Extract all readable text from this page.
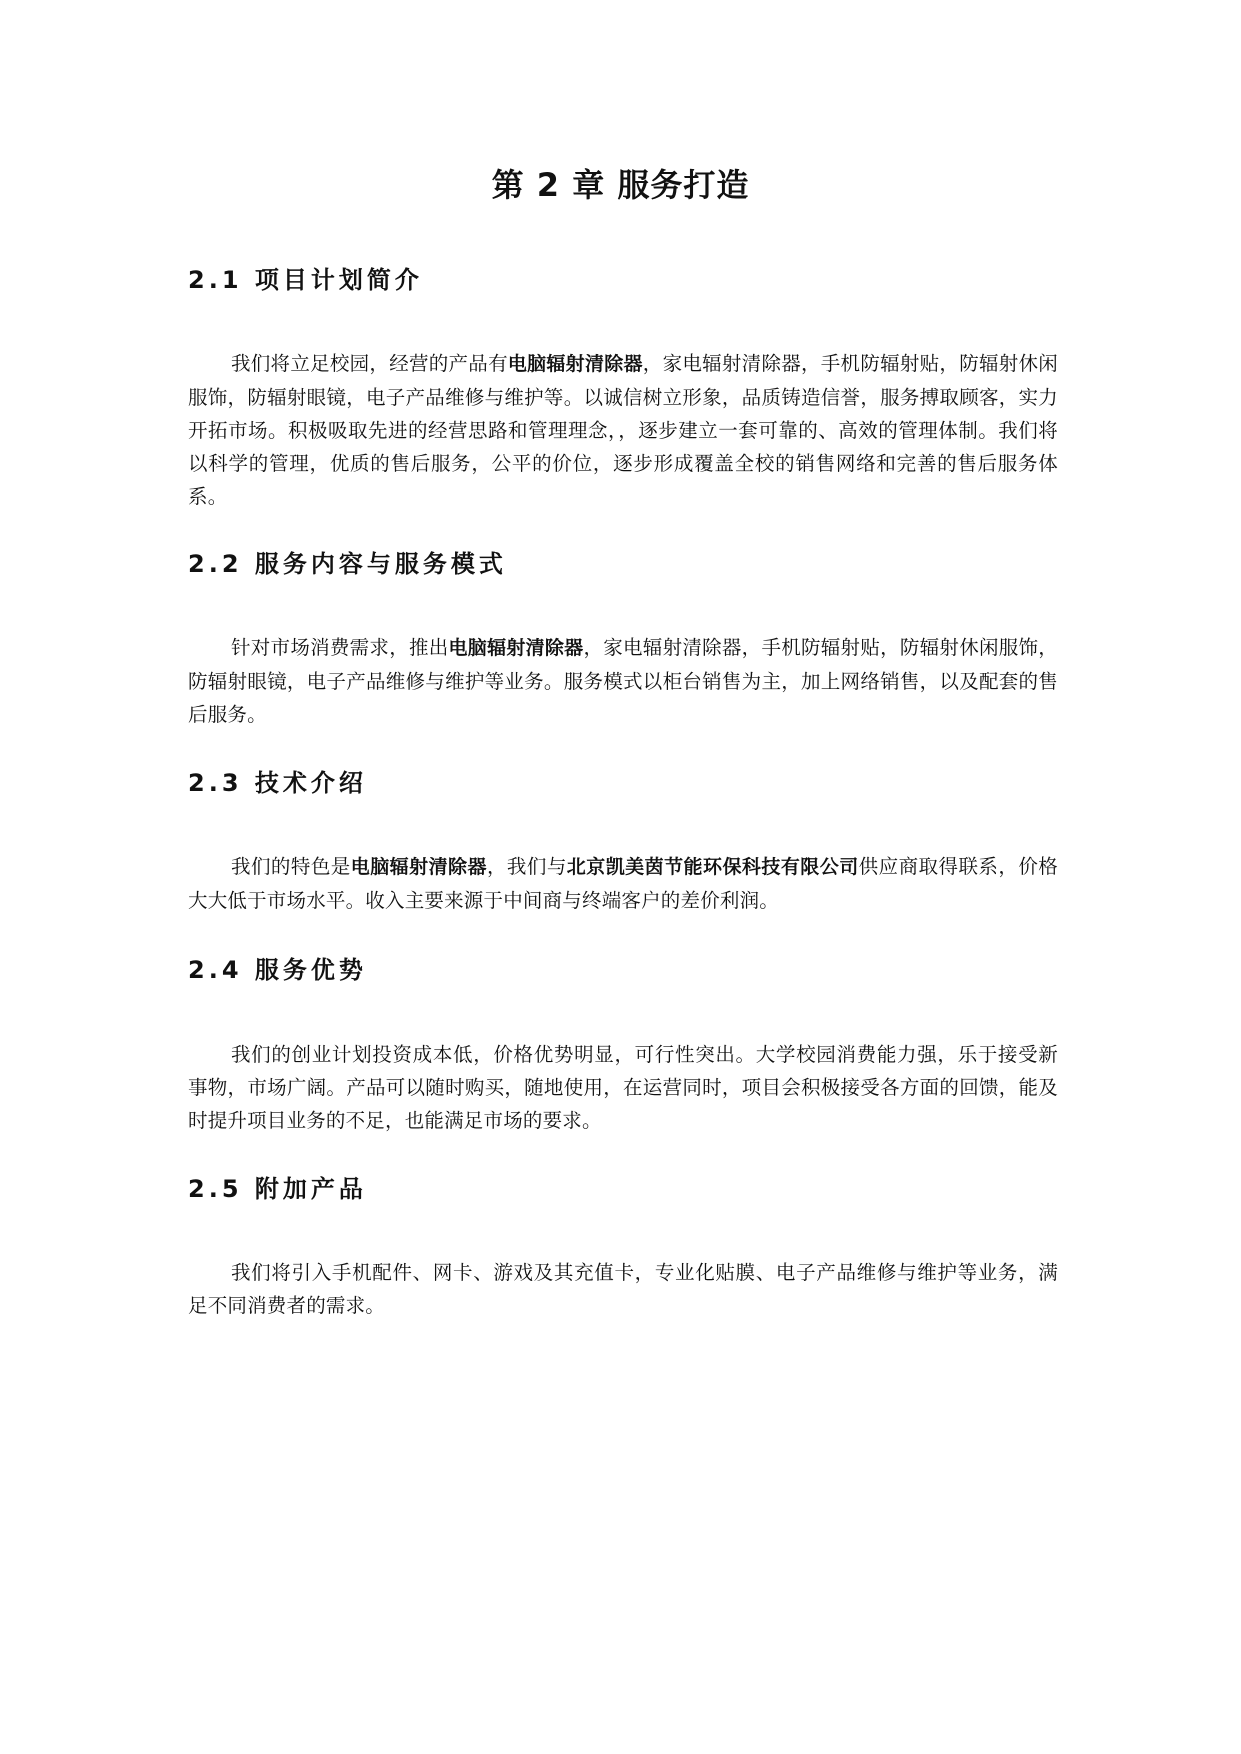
第 2 章 服务打造
2.1 项目计划简介

我们将立足校园，经营的产品有电脑辐射清除器，家电辐射清除器，手机防辐射贴，防辐射休闲服饰，防辐射眼镜，电子产品维修与维护等。以诚信树立形象，品质铸造信誉，服务搏取顾客，实力开拓市场。积极吸取先进的经营思路和管理理念，，逐步建立一套可靠的、高效的管理体制。我们将以科学的管理，优质的售后服务，公平的价位，逐步形成覆盖全校的销售网络和完善的售后服务体系。

2.2 服务内容与服务模式

针对市场消费需求，推出电脑辐射清除器，家电辐射清除器，手机防辐射贴，防辐射休闲服饰，防辐射眼镜，电子产品维修与维护等业务。服务模式以柜台销售为主，加上网络销售，以及配套的售后服务。

2.3 技术介绍

我们的特色是电脑辐射清除器，我们与北京凯美茵节能环保科技有限公司供应商取得联系，价格大大低于市场水平。收入主要来源于中间商与终端客户的差价利润。

2.4 服务优势

我们的创业计划投资成本低，价格优势明显，可行性突出。大学校园消费能力强，乐于接受新事物，市场广阔。产品可以随时购买，随地使用，在运营同时，项目会积极接受各方面的回馈，能及时提升项目业务的不足，也能满足市场的要求。

2.5 附加产品

我们将引入手机配件、网卡、游戏及其充值卡，专业化贴膜、电子产品维修与维护等业务，满足不同消费者的需求。
